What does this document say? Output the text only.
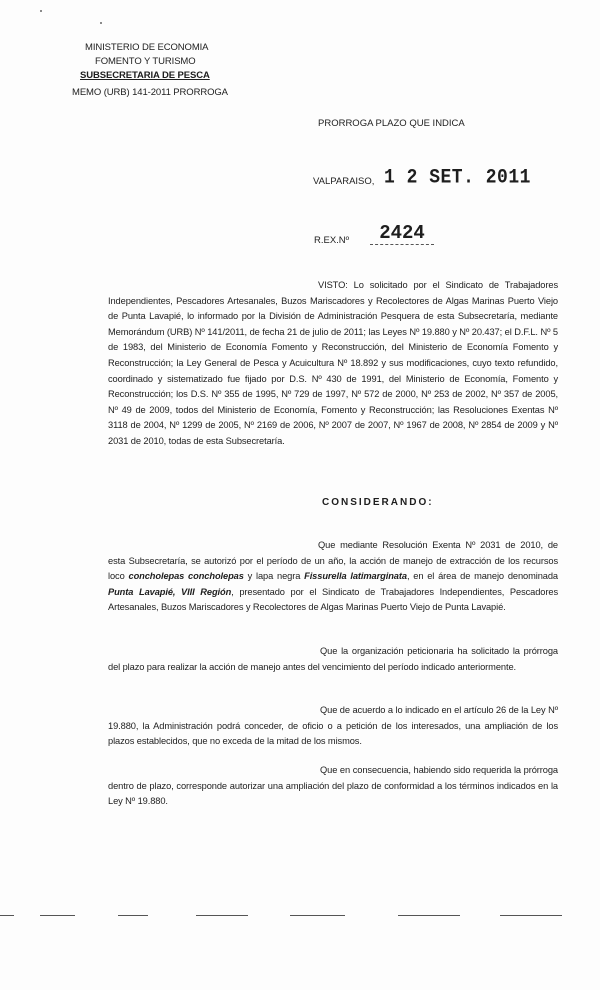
MINISTERIO DE ECONOMIA
FOMENTO Y TURISMO
SUBSECRETARIA DE PESCA
MEMO (URB) 141-2011 PRORROGA
PRORROGA PLAZO QUE INDICA
VALPARAISO, 1 2 SET. 2011
R.EX.Nº	2424
VISTO: Lo solicitado por el Sindicato de Trabajadores Independientes, Pescadores Artesanales, Buzos Mariscadores y Recolectores de Algas Marinas Puerto Viejo de Punta Lavapié, lo informado por la División de Administración Pesquera de esta Subsecretaría, mediante Memorándum (URB) Nº 141/2011, de fecha 21 de julio de 2011; las Leyes Nº 19.880 y Nº 20.437; el D.F.L. Nº 5 de 1983, del Ministerio de Economía Fomento y Reconstrucción, del Ministerio de Economía Fomento y Reconstrucción; la Ley General de Pesca y Acuicultura Nº 18.892 y sus modificaciones, cuyo texto refundido, coordinado y sistematizado fue fijado por D.S. Nº 430 de 1991, del Ministerio de Economía, Fomento y Reconstrucción; los D.S. Nº 355 de 1995, Nº 729 de 1997, Nº 572 de 2000, Nº 253 de 2002, Nº 357 de 2005, Nº 49 de 2009, todos del Ministerio de Economía, Fomento y Reconstrucción; las Resoluciones Exentas Nº 3118 de 2004, Nº 1299 de 2005, Nº 2169 de 2006, Nº 2007 de 2007, Nº 1967 de 2008, Nº 2854 de 2009 y Nº 2031 de 2010, todas de esta Subsecretaría.
CONSIDERANDO:
Que mediante Resolución Exenta Nº 2031 de 2010, de esta Subsecretaría, se autorizó por el período de un año, la acción de manejo de extracción de los recursos loco concholepas concholepas y lapa negra Fissurella latimarginata, en el área de manejo denominada Punta Lavapié, VIII Región, presentado por el Sindicato de Trabajadores Independientes, Pescadores Artesanales, Buzos Mariscadores y Recolectores de Algas Marinas Puerto Viejo de Punta Lavapié.
Que la organización peticionaria ha solicitado la prórroga del plazo para realizar la acción de manejo antes del vencimiento del período indicado anteriormente.
Que de acuerdo a lo indicado en el artículo 26 de la Ley Nº 19.880, la Administración podrá conceder, de oficio o a petición de los interesados, una ampliación de los plazos establecidos, que no exceda de la mitad de los mismos.
Que en consecuencia, habiendo sido requerida la prórroga dentro de plazo, corresponde autorizar una ampliación del plazo de conformidad a los términos indicados en la Ley Nº 19.880.
